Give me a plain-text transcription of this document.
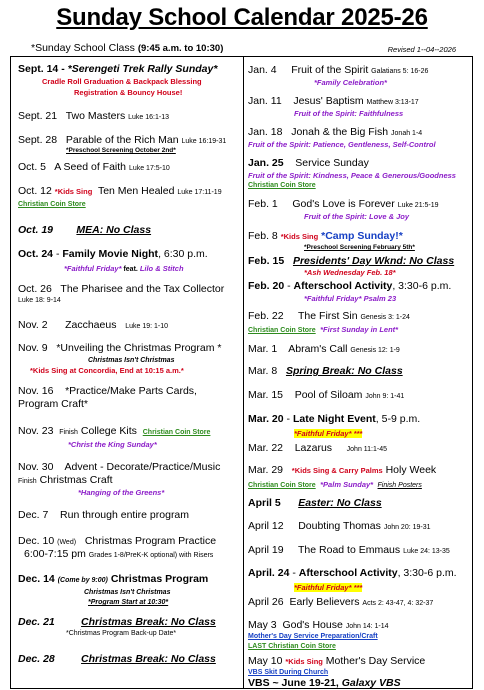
Sunday School Calendar 2025-26
*Sunday School Class (9:45 a.m. to 10:30)	Revised 1--04--2026
Sept. 14 - *Serengeti Trek Rally Sunday*
Cradle Roll Graduation & Backpack Blessing
Registration & Bouncy House!
Sept. 21 Two Masters Luke 16:1-13
Sept. 28 Parable of the Rich Man Luke 16:19-31
*Preschool Screening October 2nd*
Oct. 5 A Seed of Faith Luke 17:5-10
Oct. 12 *Kids Sing Ten Men Healed Luke 17:11-19
Christian Coin Store
Oct. 19 MEA: No Class
Oct. 24 - Family Movie Night, 6:30 p.m.
*Faithful Friday* feat. Lilo & Stitch
Oct. 26 The Pharisee and the Tax Collector
Luke 18: 9-14
Nov. 2 Zacchaeus Luke 19: 1-10
Nov. 9 *Unveiling the Christmas Program *
Christmas Isn't Christmas
*Kids Sing at Concordia, End at 10:15 a.m.*
Nov. 16 *Practice/Make Parts Cards,
Program Craft*
Nov. 23 Finish College Kits Christian Coin Store
*Christ the King Sunday*
Nov. 30 Advent - Decorate/Practice/Music
Finish Christmas Craft
*Hanging of the Greens*
Dec. 7 Run through entire program
Dec. 10 (Wed) Christmas Program Practice
6:00-7:15 pm Grades 1-8/PreK-K optional) with Risers
Dec. 14 (Come by 9:00) Christmas Program
Christmas Isn't Christmas
*Program Start at 10:30*
Dec. 21	Christmas Break: No Class
*Christmas Program Back-up Date*
Dec. 28	Christmas Break: No Class
Jan. 4 Fruit of the Spirit Galatians 5: 16-26
*Family Celebration*
Jan. 11 Jesus' Baptism Matthew 3:13-17
Fruit of the Spirit: Faithfulness
Jan. 18 Jonah & the Big Fish Jonah 1-4
Fruit of the Spirit: Patience, Gentleness, Self-Control
Jan. 25 Service Sunday
Fruit of the Spirit: Kindness, Peace & Generous/Goodness
Christian Coin Store
Feb. 1 God's Love is Forever Luke 21:5-19
Fruit of the Spirit: Love & Joy
Feb. 8 *Kids Sing *Camp Sunday!*
*Preschool Screening February 5th*
Feb. 15 Presidents' Day Wknd: No Class
*Ash Wednesday Feb. 18*
Feb. 20 - Afterschool Activity, 3:30-6 p.m.
*Faithful Friday* Psalm 23
Feb. 22 The First Sin Genesis 3: 1-24
Christian Coin Store *First Sunday in Lent*
Mar. 1 Abram's Call Genesis 12: 1-9
Mar. 8 Spring Break: No Class
Mar. 15 Pool of Siloam John 9: 1-41
Mar. 20 - Late Night Event, 5-9 p.m.
*Faithful Friday* ***
Mar. 22 Lazarus John 11:1-45
Mar. 29 *Kids Sing & Carry Palms Holy Week
Christian Coin Store *Palm Sunday* Finish Posters
April 5 Easter: No Class
April 12 Doubting Thomas John 20: 19-31
April 19 The Road to Emmaus Luke 24: 13-35
April. 24 - Afterschool Activity, 3:30-6 p.m.
*Faithful Friday* ***
April 26 Early Believers Acts 2: 43-47, 4: 32-37
May 3 God's House John 14: 1-14
Mother's Day Service Preparation/Craft
LAST Christian Coin Store
May 10 *Kids Sing Mother's Day Service
VBS Skit During Church
VBS ~ June 19-21, Galaxy VBS
